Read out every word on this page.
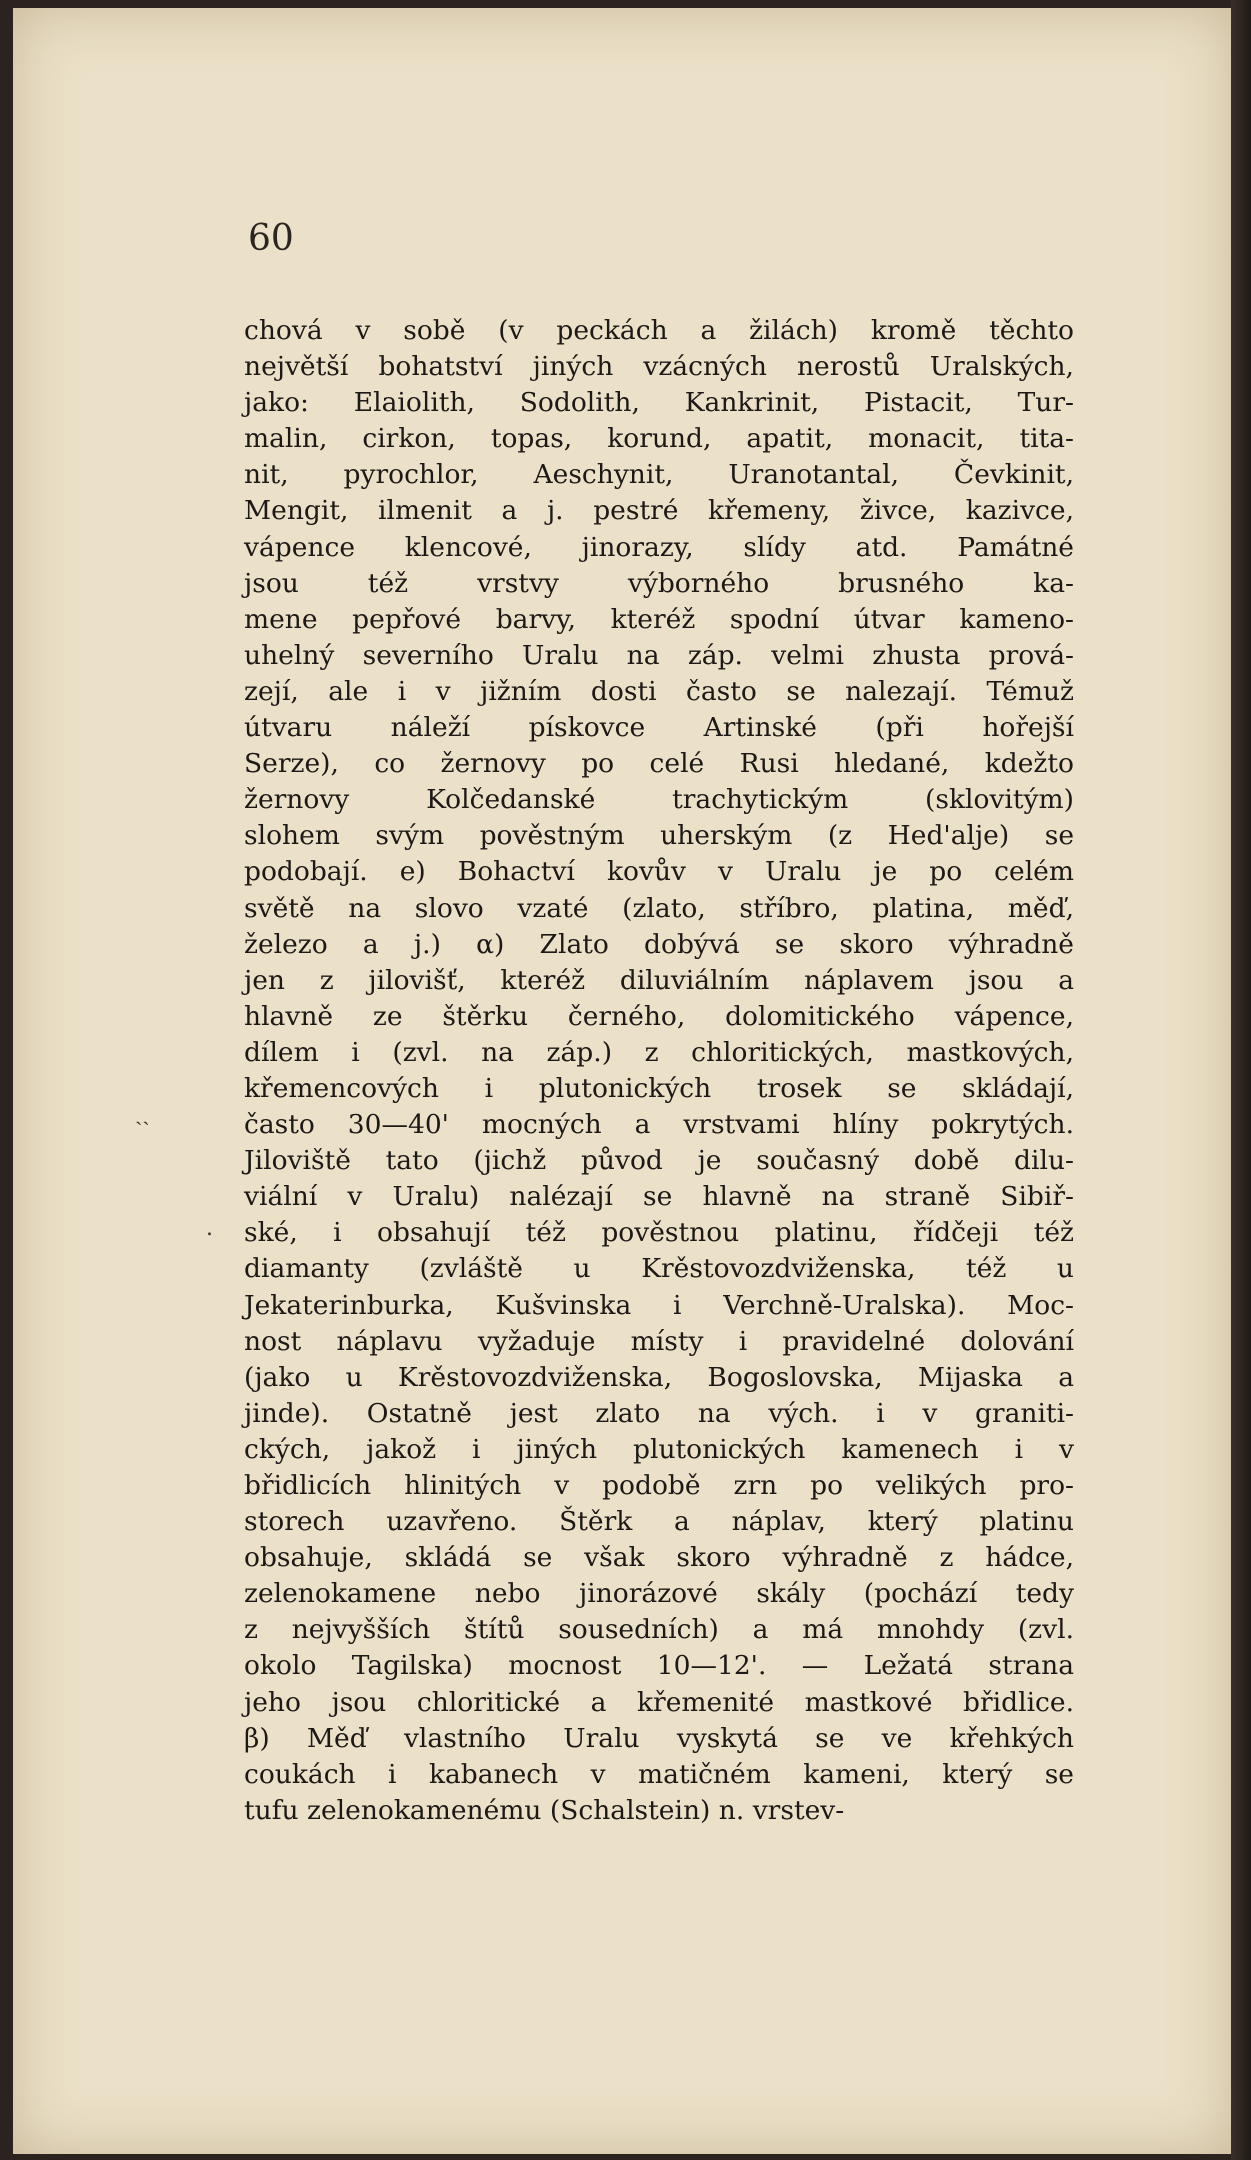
60

chová v sobě (v peckách a žilách) kromě těchto
největší bohatství jiných vzácných nerostů Uralských,
jako: Elaiolith, Sodolith, Kankrinit, Pistacit, Tur-
malin, cirkon, topas, korund, apatit, monacit, tita-
nit, pyrochlor, Aeschynit, Uranotantal, Čevkinit,
Mengit, ilmenit a j. pestré křemeny, živce, kazivce,
vápence klencové, jinorazy, slídy atd. Památné
jsou též vrstvy výborného brusného ka-
mene pepřové barvy, kteréž spodní útvar kameno-
uhelný severního Uralu na záp. velmi zhusta prová-
zejí, ale i v jižním dosti často se nalezají. Témuž
útvaru náleží pískovce Artinské (při hořejší
Serze), co žernovy po celé Rusi hledané, kdežto
žernovy Kolčedanské trachytickým (sklovitým)
slohem svým pověstným uherským (z Hed'alje) se
podobají. e) Bohactví kovův v Uralu je po celém
světě na slovo vzaté (zlato, stříbro, platina, měď,
železo a j.) α) Zlato dobývá se skoro výhradně
jen z jilovišť, kteréž diluviálním náplavem jsou a
hlavně ze štěrku černého, dolomitického vápence,
dílem i (zvl. na záp.) z chloritických, mastkových,
křemencových i plutonických trosek se skládají,
často 30—40' mocných a vrstvami hlíny pokrytých.
Jiloviště tato (jichž původ je současný době dilu-
viální v Uralu) nalézají se hlavně na straně Sibiř-
ské, i obsahují též pověstnou platinu, řídčeji též
diamanty (zvláště u Krěstovozdviženska, též u
Jekaterinburka, Kušvinska i Verchně-Uralska). Moc-
nost náplavu vyžaduje místy i pravidelné dolování
(jako u Krěstovozdviženska, Bogoslovska, Mijaska a
jinde). Ostatně jest zlato na vých. i v graniti-
ckých, jakož i jiných plutonických kamenech i v
břidlicích hlinitých v podobě zrn po velikých pro-
storech uzavřeno. Štěrk a náplav, který platinu
obsahuje, skládá se však skoro výhradně z hádce,
zelenokamene nebo jinorázové skály (pochází tedy
z nejvyšších štítů sousedních) a má mnohdy (zvl.
okolo Tagilska) mocnost 10—12'. — Ležatá strana
jeho jsou chloritické a křemenité mastkové břidlice.
β) Měď vlastního Uralu vyskytá se ve křehkých
coukách i kabanech v matičném kameni, který se
tufu zelenokamenému (Schalstein) n. vrstev-
ˎˏ
.
